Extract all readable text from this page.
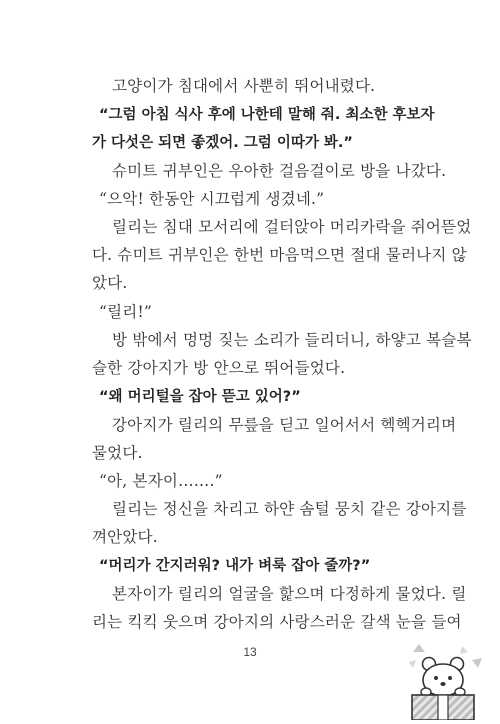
고양이가 침대에서 사뿐히 뛰어내렸다.
“그럼 아침 식사 후에 나한테 말해 줘. 최소한 후보자
가 다섯은 되면 좋겠어. 그럼 이따가 봐.”
슈미트 귀부인은 우아한 걸음걸이로 방을 나갔다.
“으악! 한동안 시끄럽게 생겼네.”
릴리는 침대 모서리에 걸터앉아 머리카락을 쥐어뜯었
다. 슈미트 귀부인은 한번 마음먹으면 절대 물러나지 않
았다.
“릴리!”
방 밖에서 멍멍 짖는 소리가 들리더니, 하얗고 복슬복
슬한 강아지가 방 안으로 뛰어들었다.
“왜 머리털을 잡아 뜯고 있어?”
강아지가 릴리의 무릎을 딛고 일어서서 헥헥거리며
물었다.
“아, 본자이…….”
릴리는 정신을 차리고 하얀 솜털 뭉치 같은 강아지를
껴안았다.
“머리가 간지러워? 내가 벼룩 잡아 줄까?”
본자이가 릴리의 얼굴을 핥으며 다정하게 물었다. 릴
리는 킥킥 웃으며 강아지의 사랑스러운 갈색 눈을 들여
13
